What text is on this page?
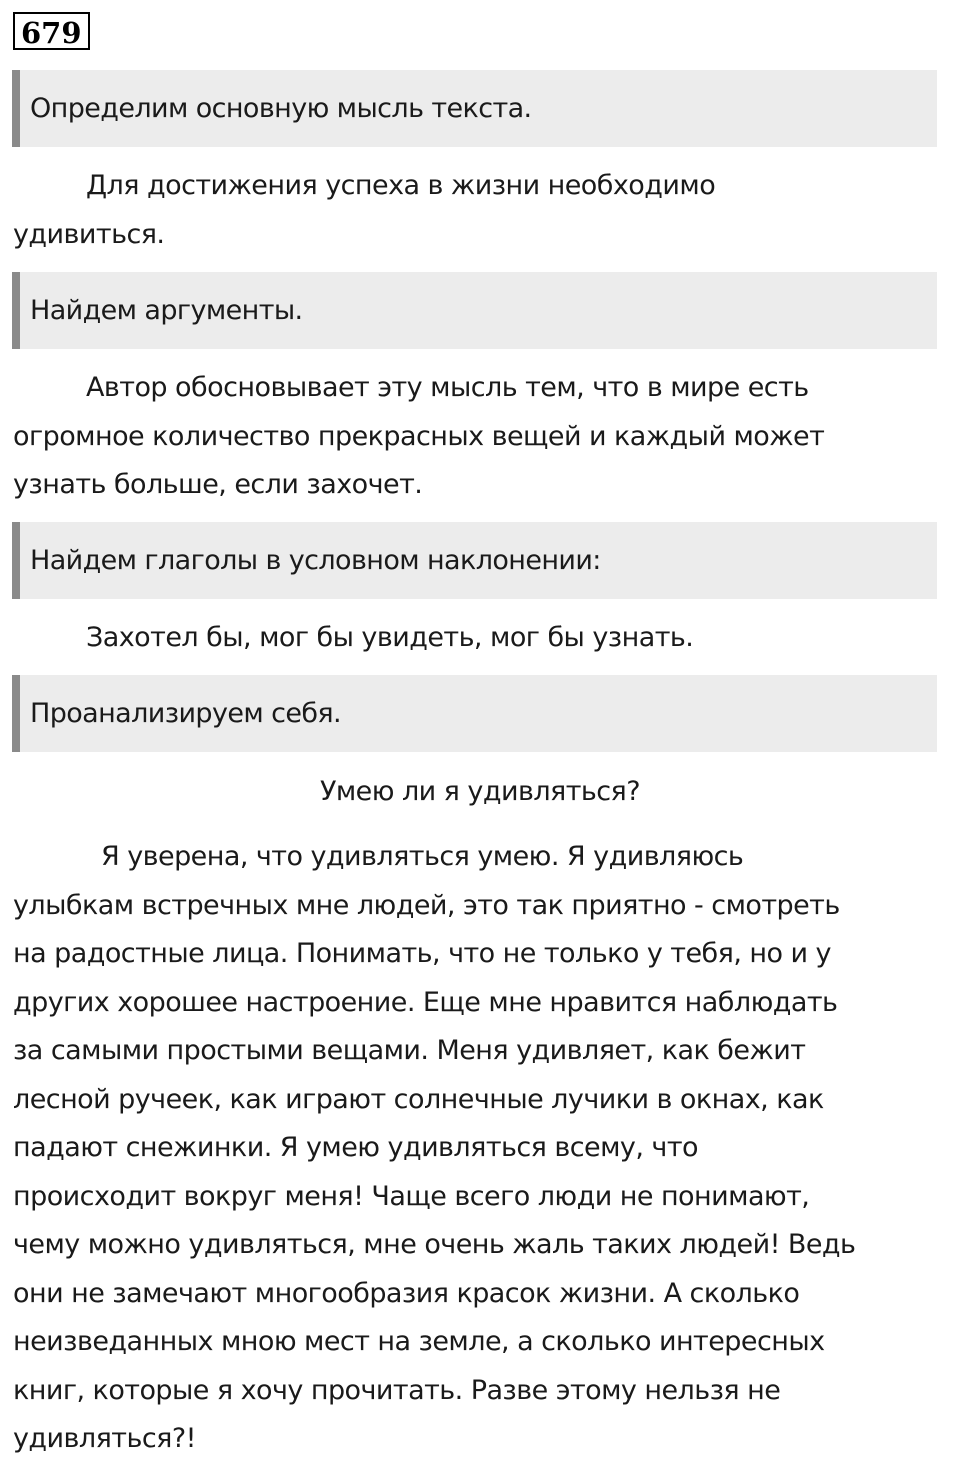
679
Определим основную мысль текста.
Для достижения успеха в жизни необходимо
удивиться.
Найдем аргументы.
Автор обосновывает эту мысль тем, что в мире есть
огромное количество прекрасных вещей и каждый может
узнать больше, если захочет.
Найдем глаголы в условном наклонении:
Захотел бы, мог бы увидеть, мог бы узнать.
Проанализируем себя.
Умею ли я удивляться?
Я уверена, что удивляться умею. Я удивляюсь
улыбкам встречных мне людей, это так приятно - смотреть
на радостные лица. Понимать, что не только у тебя, но и у
других хорошее настроение. Еще мне нравится наблюдать
за самыми простыми вещами. Меня удивляет, как бежит
лесной ручеек, как играют солнечные лучики в окнах, как
падают снежинки. Я умею удивляться всему, что
происходит вокруг меня! Чаще всего люди не понимают,
чему можно удивляться, мне очень жаль таких людей! Ведь
они не замечают многообразия красок жизни. А сколько
неизведанных мною мест на земле, а сколько интересных
книг, которые я хочу прочитать. Разве этому нельзя не
удивляться?!
